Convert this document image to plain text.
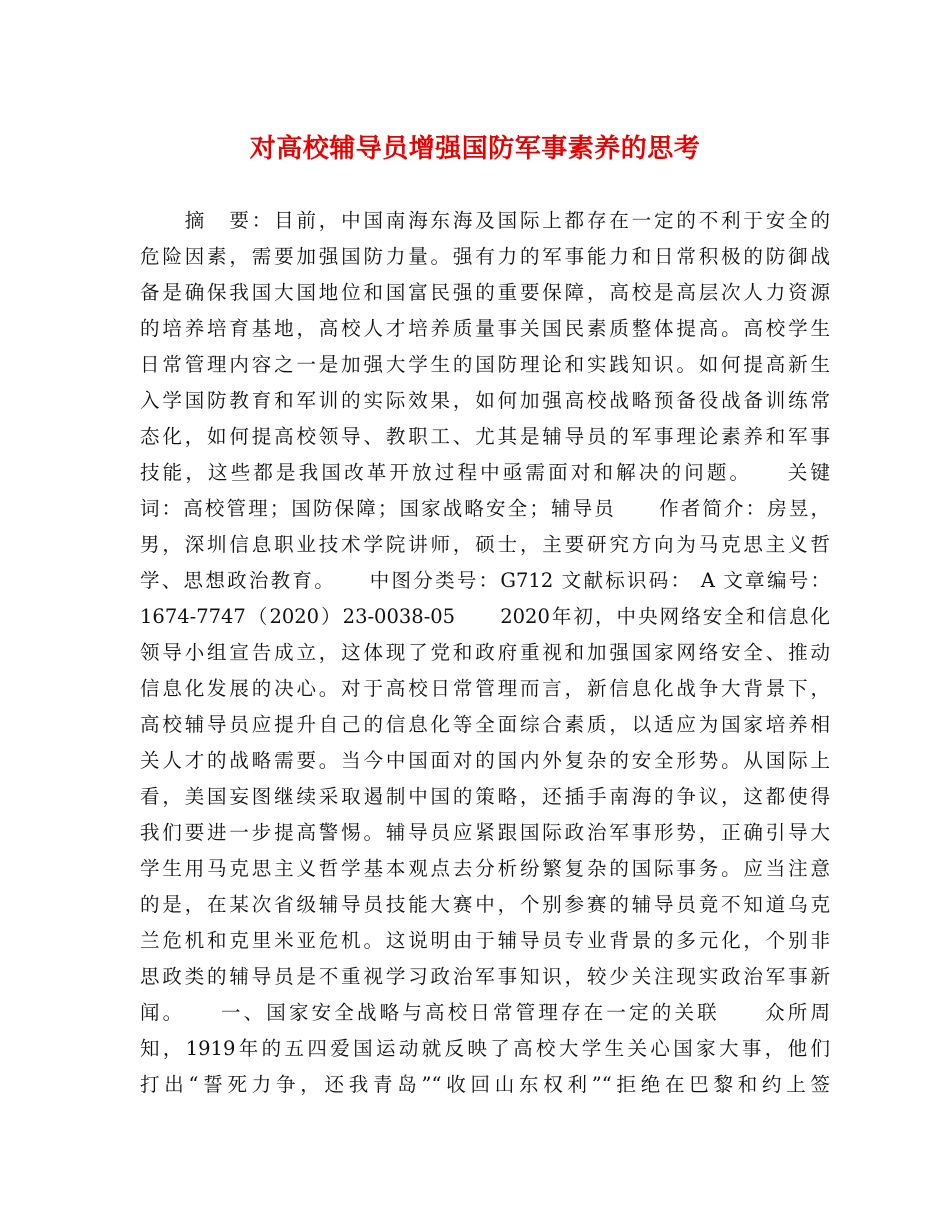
对高校辅导员增强国防军事素养的思考
　　摘　要：目前，中国南海东海及国际上都存在一定的不利于安全的
危险因素，需要加强国防力量。强有力的军事能力和日常积极的防御战
备是确保我国大国地位和国富民强的重要保障，高校是高层次人力资源
的培养培育基地，高校人才培养质量事关国民素质整体提高。高校学生
日常管理内容之一是加强大学生的国防理论和实践知识。如何提高新生
入学国防教育和军训的实际效果，如何加强高校战略预备役战备训练常
态化，如何提高校领导、教职工、尤其是辅导员的军事理论素养和军事
技能，这些都是我国改革开放过程中亟需面对和解决的问题。　　关键
词：高校管理；国防保障；国家战略安全；辅导员　　作者简介：房昱，
男，深圳信息职业技术学院讲师，硕士，主要研究方向为马克思主义哲
学、思想政治教育。　　中图分类号：G712 文献标识码： A 文章编号：
1674-7747（2020）23-0038-05　　2020年初，中央网络安全和信息化
领导小组宣告成立，这体现了党和政府重视和加强国家网络安全、推动
信息化发展的决心。对于高校日常管理而言，新信息化战争大背景下，
高校辅导员应提升自己的信息化等全面综合素质，以适应为国家培养相
关人才的战略需要。当今中国面对的国内外复杂的安全形势。从国际上
看，美国妄图继续采取遏制中国的策略，还插手南海的争议，这都使得
我们要进一步提高警惕。辅导员应紧跟国际政治军事形势，正确引导大
学生用马克思主义哲学基本观点去分析纷繁复杂的国际事务。应当注意
的是，在某次省级辅导员技能大赛中，个别参赛的辅导员竟不知道乌克
兰危机和克里米亚危机。这说明由于辅导员专业背景的多元化，个别非
思政类的辅导员是不重视学习政治军事知识，较少关注现实政治军事新
闻。　　一、国家安全战略与高校日常管理存在一定的关联　　众所周
知，1919年的五四爱国运动就反映了高校大学生关心国家大事，他们
打出“誓死力争，还我青岛”“收回山东权利”“拒绝在巴黎和约上签
